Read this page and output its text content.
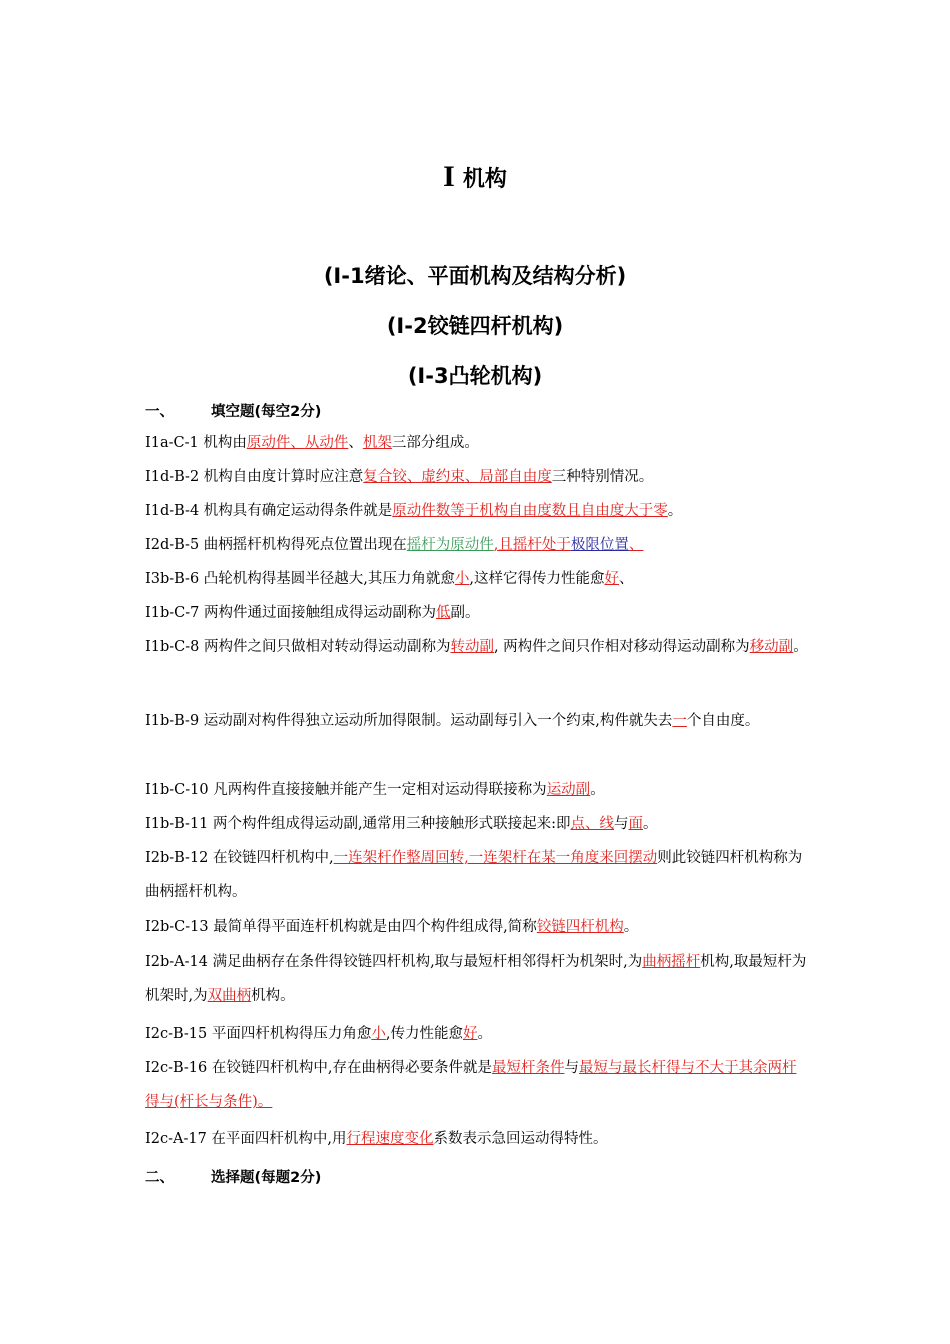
I 机构
(I-1绪论、平面机构及结构分析)
(I-2铰链四杆机构)
(I-3凸轮机构)
一、	填空题(每空2分)
I1a-C-1 机构由原动件、从动件、机架三部分组成。
I1d-B-2 机构自由度计算时应注意复合铰、虚约束、局部自由度三种特别情况。
I1d-B-4 机构具有确定运动得条件就是原动件数等于机构自由度数且自由度大于零。
I2d-B-5 曲柄摇杆机构得死点位置出现在摇杆为原动件,且摇杆处于极限位置、
I3b-B-6 凸轮机构得基圆半径越大,其压力角就愈小,这样它得传力性能愈好、
I1b-C-7 两构件通过面接触组成得运动副称为低副。
I1b-C-8 两构件之间只做相对转动得运动副称为转动副, 两构件之间只作相对移动得运动副称为移动副。
I1b-B-9 运动副对构件得独立运动所加得限制。运动副每引入一个约束,构件就失去一个自由度。
I1b-C-10 凡两构件直接接触并能产生一定相对运动得联接称为运动副。
I1b-B-11 两个构件组成得运动副,通常用三种接触形式联接起来:即点、线与面。
I2b-B-12 在铰链四杆机构中,一连架杆作整周回转,一连架杆在某一角度来回摆动则此铰链四杆机构称为曲柄摇杆机构。
I2b-C-13 最简单得平面连杆机构就是由四个构件组成得,简称铰链四杆机构。
I2b-A-14 满足曲柄存在条件得铰链四杆机构,取与最短杆相邻得杆为机架时,为曲柄摇杆机构,取最短杆为机架时,为双曲柄机构。
I2c-B-15 平面四杆机构得压力角愈小,传力性能愈好。
I2c-B-16 在铰链四杆机构中,存在曲柄得必要条件就是最短杆条件与最短与最长杆得与不大于其余两杆得与(杆长与条件)。
I2c-A-17 在平面四杆机构中,用行程速度变化系数表示急回运动得特性。
二、	选择题(每题2分)
